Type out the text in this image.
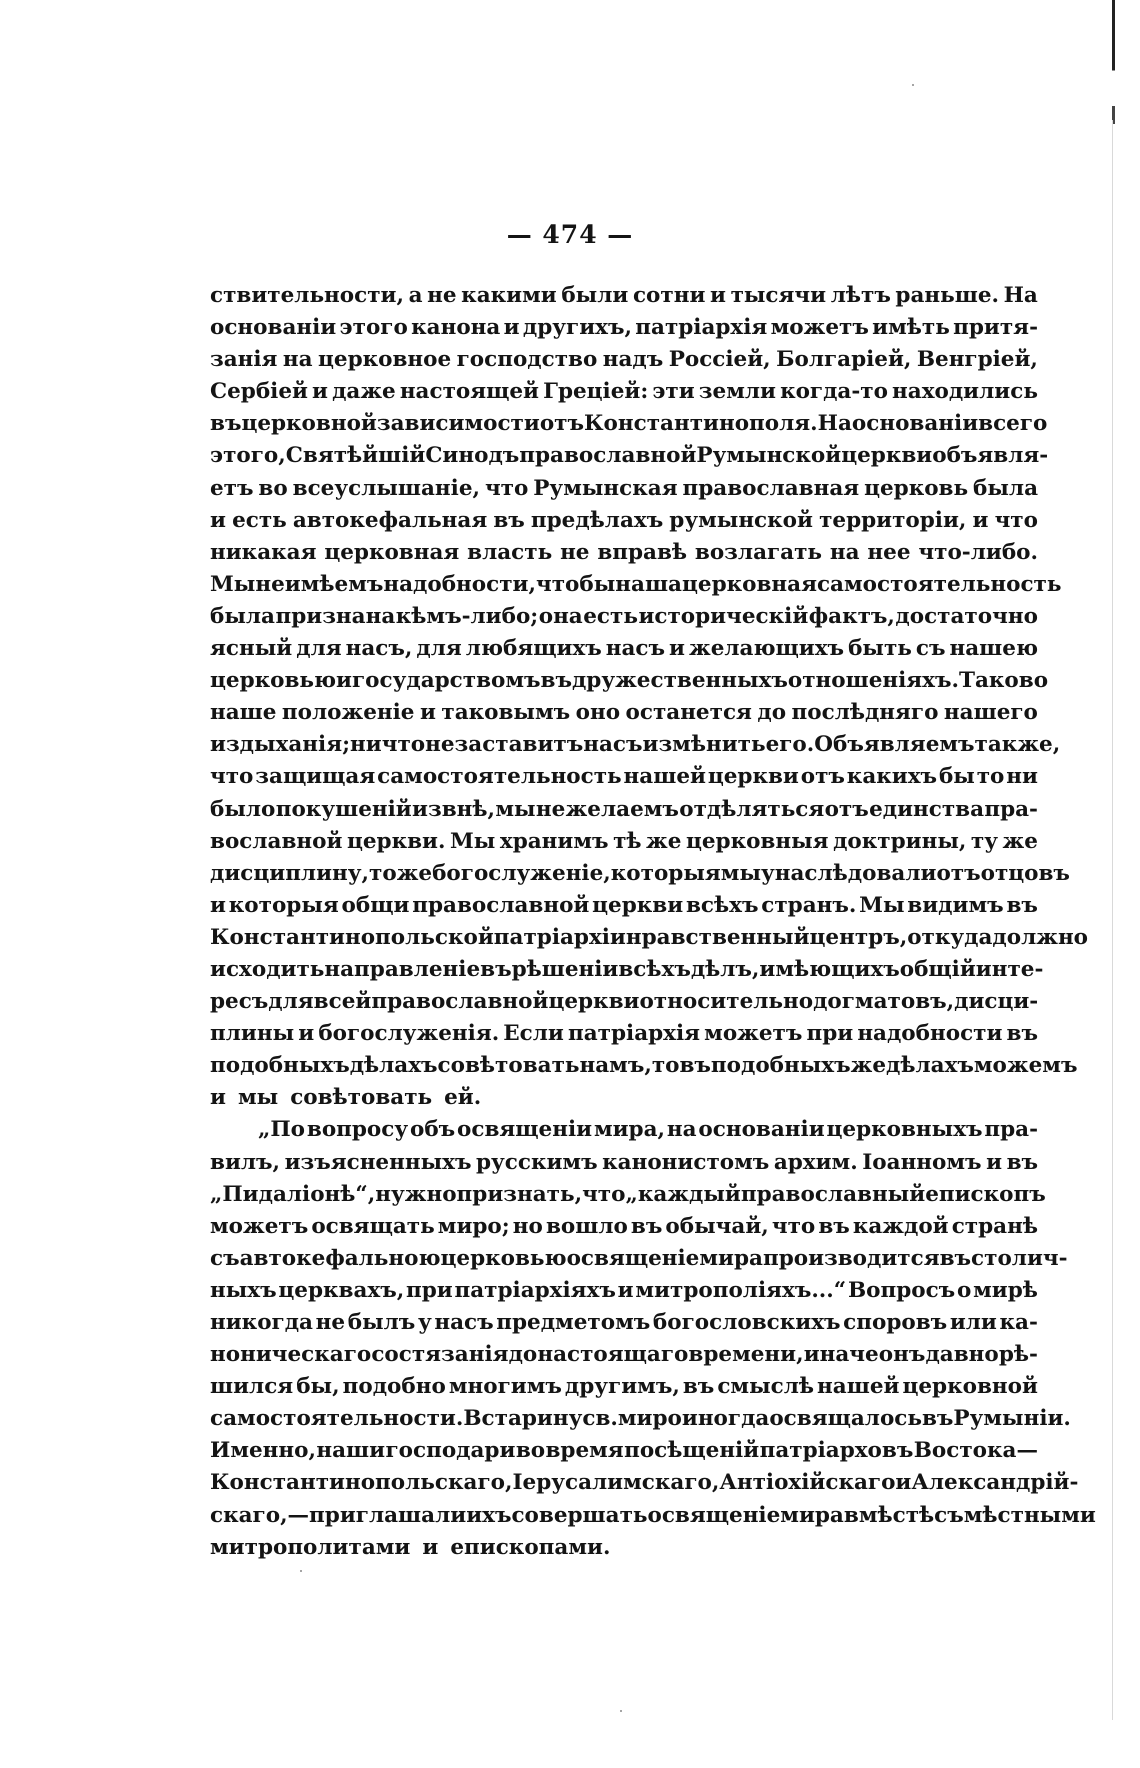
— 474 —
ствительности, а не какими были сотни и тысячи лѣтъ раньше. На
основаніи этого канона и другихъ, патріархія можетъ имѣть притя-
занія на церковное господство надъ Россіей, Болгаріей, Венгріей,
Сербіей и даже настоящей Греціей: эти земли когда-то находились
въ церковной зависимости отъ Константинополя. На основаніи всего
этого, Святѣйшій Синодъ православной Румынской церкви объявля-
етъ во всеуслышаніе, что Румынская православная церковь была
и есть автокефальная въ предѣлахъ румынской территоріи, и что
никакая церковная власть не вправѣ возлагать на нее что-либо.
Мы не имѣемъ надобности, чтобы наша церковная самостоятельность
была признана кѣмъ-либо; она есть историческій фактъ, достаточно
ясный для насъ, для любящихъ насъ и желающихъ быть съ нашею
церковью и государствомъ въ дружественныхъ отношеніяхъ. Таково
наше положеніе и таковымъ оно останется до послѣдняго нашего
издыханія; ничто не заставитъ насъ измѣнить его. Объявляемъ также,
что защищая самостоятельность нашей церкви отъ какихъ бы то ни
было покушеній извнѣ, мы не желаемъ отдѣляться отъ единства пра-
вославной церкви. Мы хранимъ тѣ же церковныя доктрины, ту же
дисциплину, то же богослуженіе, которыя мы унаслѣдовали отъ отцовъ
и которыя общи православной церкви всѣхъ странъ. Мы видимъ въ
Константинопольской патріархіи нравственный центръ, откуда должно
исходить направленіе въ рѣшеніи всѣхъ дѣлъ, имѣющихъ общій инте-
ресъ для всей православной церкви относительно догматовъ, дисци-
плины и богослуженія. Если патріархія можетъ при надобности въ
подобныхъ дѣлахъ совѣтовать намъ, то въ подобныхъ же дѣлахъ можемъ
и мы совѣтовать ей.
„По вопросу объ освященіи мира, на основаніи церковныхъ пра-
вилъ, изъясненныхъ русскимъ канонистомъ архим. Іоанномъ и въ
„Пидаліонѣ“, нужно признать, что „каждый православный епископъ
можетъ освящать миро; но вошло въ обычай, что въ каждой странѣ
съ автокефальною церковью освященіе мира производится въ столич-
ныхъ церквахъ, при патріархіяхъ и митрополіяхъ...“ Вопросъ о мирѣ
никогда не былъ у насъ предметомъ богословскихъ споровъ или ка-
ноническаго состязанія до настоящаго времени, иначе онъ давно рѣ-
шился бы, подобно многимъ другимъ, въ смыслѣ нашей церковной
самостоятельности. Встарину св. миро иногда освящалось въ Румыніи.
Именно, наши господари во время посѣщеній патріарховъ Востока—
Константинопольскаго, Іерусалимскаго, Антіохійскаго и Александрій-
скаго,—приглашали ихъ совершать освященіе мира вмѣстѣ съ мѣстными
митрополитами и епископами.
